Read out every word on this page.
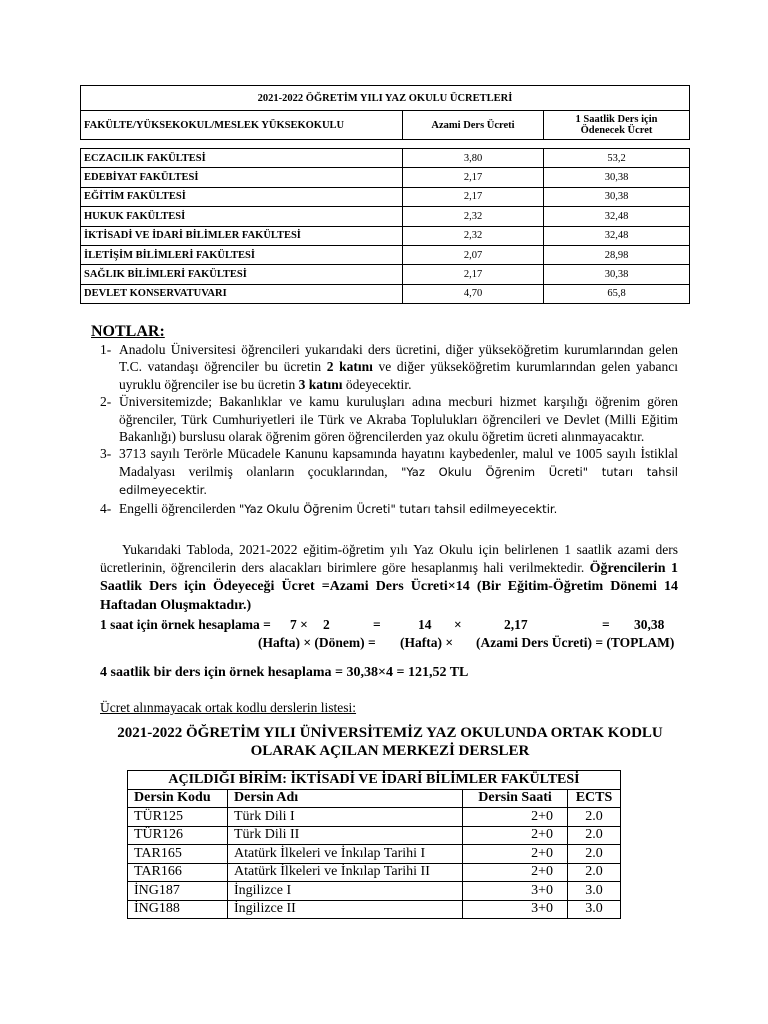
2021-2022 ÖĞRETİM YILI YAZ OKULU ÜCRETLERİ
FAKÜLTE/YÜKSEKOKUL/MESLEK YÜKSEKOKULU	Azami Ders Ücreti	1 Saatlik Ders için
Ödenecek Ücret
ECZACILIK FAKÜLTESİ	3,80	53,2
EDEBİYAT FAKÜLTESİ	2,17	30,38
EĞİTİM FAKÜLTESİ	2,17	30,38
HUKUK FAKÜLTESİ	2,32	32,48
İKTİSADİ VE İDARİ BİLİMLER FAKÜLTESİ	2,32	32,48
İLETİŞİM BİLİMLERİ FAKÜLTESİ	2,07	28,98
SAĞLIK BİLİMLERİ FAKÜLTESİ	2,17	30,38
DEVLET KONSERVATUVARI	4,70	65,8
NOTLAR:
1- Anadolu Üniversitesi öğrencileri yukarıdaki ders ücretini, diğer yükseköğretim kurumlarından gelen T.C. vatandaşı öğrenciler bu ücretin 2 katını ve diğer yükseköğretim kurumlarından gelen yabancı uyruklu öğrenciler ise bu ücretin 3 katını ödeyecektir.
2- Üniversitemizde; Bakanlıklar ve kamu kuruluşları adına mecburi hizmet karşılığı öğrenim gören öğrenciler, Türk Cumhuriyetleri ile Türk ve Akraba Toplulukları öğrencileri ve Devlet (Milli Eğitim Bakanlığı) burslusu olarak öğrenim gören öğrencilerden yaz okulu öğretim ücreti alınmayacaktır.
3- 3713 sayılı Terörle Mücadele Kanunu kapsamında hayatını kaybedenler, malul ve 1005 sayılı İstiklal Madalyası verilmiş olanların çocuklarından, "Yaz Okulu Öğrenim Ücreti" tutarı tahsil edilmeyecektir.
4- Engelli öğrencilerden "Yaz Okulu Öğrenim Ücreti" tutarı tahsil edilmeyecektir.
Yukarıdaki Tabloda, 2021-2022 eğitim-öğretim yılı Yaz Okulu için belirlenen 1 saatlik azami ders ücretlerinin, öğrencilerin ders alacakları birimlere göre hesaplanmış hali verilmektedir. Öğrencilerin 1 Saatlik Ders için Ödeyeceği Ücret =Azami Ders Ücreti×14 (Bir Eğitim-Öğretim Dönemi 14 Haftadan Oluşmaktadır.)
1 saat için örnek hesaplama = 7 × 2	=	14 ×	2,17	= 30,38
(Hafta) × (Dönem) = (Hafta) × (Azami Ders Ücreti) = (TOPLAM)
4 saatlik bir ders için örnek hesaplama = 30,38×4 = 121,52 TL
Ücret alınmayacak ortak kodlu derslerin listesi:
2021-2022 ÖĞRETİM YILI ÜNİVERSİTEMİZ YAZ OKULUNDA ORTAK KODLU
OLARAK AÇILAN MERKEZİ DERSLER
AÇILDIĞI BİRİM: İKTİSADİ VE İDARİ BİLİMLER FAKÜLTESİ			
Dersin Kodu	Dersin Adı	Dersin Saati	ECTS
TÜR125	Türk Dili I	2+0	2.0
TÜR126	Türk Dili II	2+0	2.0
TAR165	Atatürk İlkeleri ve İnkılap Tarihi I	2+0	2.0
TAR166	Atatürk İlkeleri ve İnkılap Tarihi II	2+0	2.0
İNG187	İngilizce I	3+0	3.0
İNG188	İngilizce II	3+0	3.0
